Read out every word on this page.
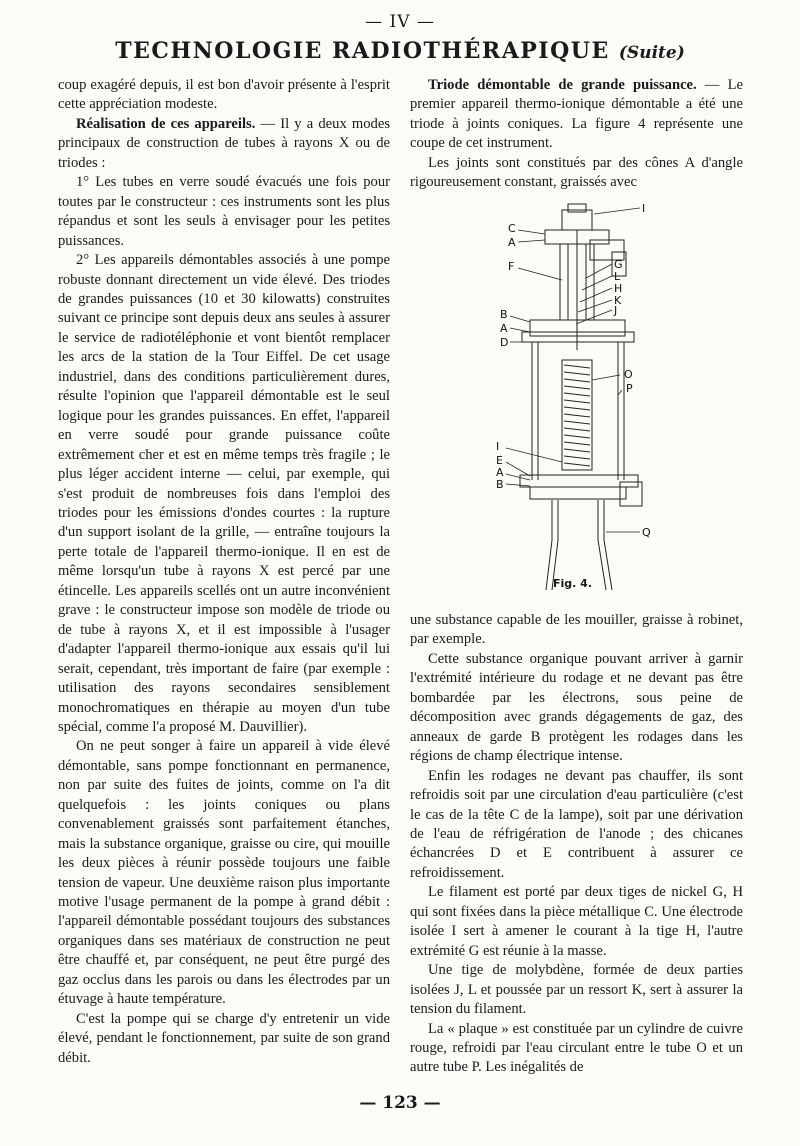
— IV —
TECHNOLOGIE RADIOTHÉRAPIQUE (Suite)

coup exagéré depuis, il est bon d'avoir présente à l'esprit cette appréciation modeste.

Réalisation de ces appareils. — Il y a deux modes principaux de construction de tubes à rayons X ou de triodes :

1° Les tubes en verre soudé évacués une fois pour toutes par le constructeur : ces instruments sont les plus répandus et sont les seuls à envisager pour les petites puissances.

2° Les appareils démontables associés à une pompe robuste donnant directement un vide élevé. Des triodes de grandes puissances (10 et 30 kilowatts) construites suivant ce principe sont depuis deux ans seules à assurer le service de radiotéléphonie et vont bientôt remplacer les arcs de la station de la Tour Eiffel. De cet usage industriel, dans des conditions particulièrement dures, résulte l'opinion que l'appareil démontable est le seul logique pour les grandes puissances. En effet, l'appareil en verre soudé pour grande puissance coûte extrêmement cher et est en même temps très fragile ; le plus léger accident interne — celui, par exemple, qui s'est produit de nombreuses fois dans l'emploi des triodes pour les émissions d'ondes courtes : la rupture d'un support isolant de la grille, — entraîne toujours la perte totale de l'appareil thermo-ionique. Il en est de même lorsqu'un tube à rayons X est percé par une étincelle. Les appareils scellés ont un autre inconvénient grave : le constructeur impose son modèle de triode ou de tube à rayons X, et il est impossible à l'usager d'adapter l'appareil thermo-ionique aux essais qu'il lui serait, cependant, très important de faire (par exemple : utilisation des rayons secondaires sensiblement monochromatiques en thérapie au moyen d'un tube spécial, comme l'a proposé M. Dauvillier).

On ne peut songer à faire un appareil à vide élevé démontable, sans pompe fonctionnant en permanence, non par suite des fuites de joints, comme on l'a dit quelquefois : les joints coniques ou plans convenablement graissés sont parfaitement étanches, mais la substance organique, graisse ou cire, qui mouille les deux pièces à réunir possède toujours une faible tension de vapeur. Une deuxième raison plus importante motive l'usage permanent de la pompe à grand débit : l'appareil démontable possédant toujours des substances organiques dans ses matériaux de construction ne peut être chauffé et, par conséquent, ne peut être purgé des gaz occlus dans les parois ou dans les électrodes par un étuvage à haute température.

C'est la pompe qui se charge d'y entretenir un vide élevé, pendant le fonctionnement, par suite de son grand débit.

Triode démontable de grande puissance. — Le premier appareil thermo-ionique démontable a été une triode à joints coniques. La figure 4 représente une coupe de cet instrument.

Les joints sont constitués par des cônes A d'angle rigoureusement constant, graissés avec

I
C
A
F	G
L
H
K
J
B
A
D
O
P
I
E
A
B
Q
Fig. 4.

une substance capable de les mouiller, graisse à robinet, par exemple.

Cette substance organique pouvant arriver à garnir l'extrémité intérieure du rodage et ne devant pas être bombardée par les électrons, sous peine de décomposition avec grands dégagements de gaz, des anneaux de garde B protègent les rodages dans les régions de champ électrique intense.

Enfin les rodages ne devant pas chauffer, ils sont refroidis soit par une circulation d'eau particulière (c'est le cas de la tête C de la lampe), soit par une dérivation de l'eau de réfrigération de l'anode ; des chicanes échancrées D et E contribuent à assurer ce refroidissement.

Le filament est porté par deux tiges de nickel G, H qui sont fixées dans la pièce métallique C. Une électrode isolée I sert à amener le courant à la tige H, l'autre extrémité G est réunie à la masse.

Une tige de molybdène, formée de deux parties isolées J, L et poussée par un ressort K, sert à assurer la tension du filament.

La « plaque » est constituée par un cylindre de cuivre rouge, refroidi par l'eau circulant entre le tube O et un autre tube P. Les inégalités de

— 123 —
